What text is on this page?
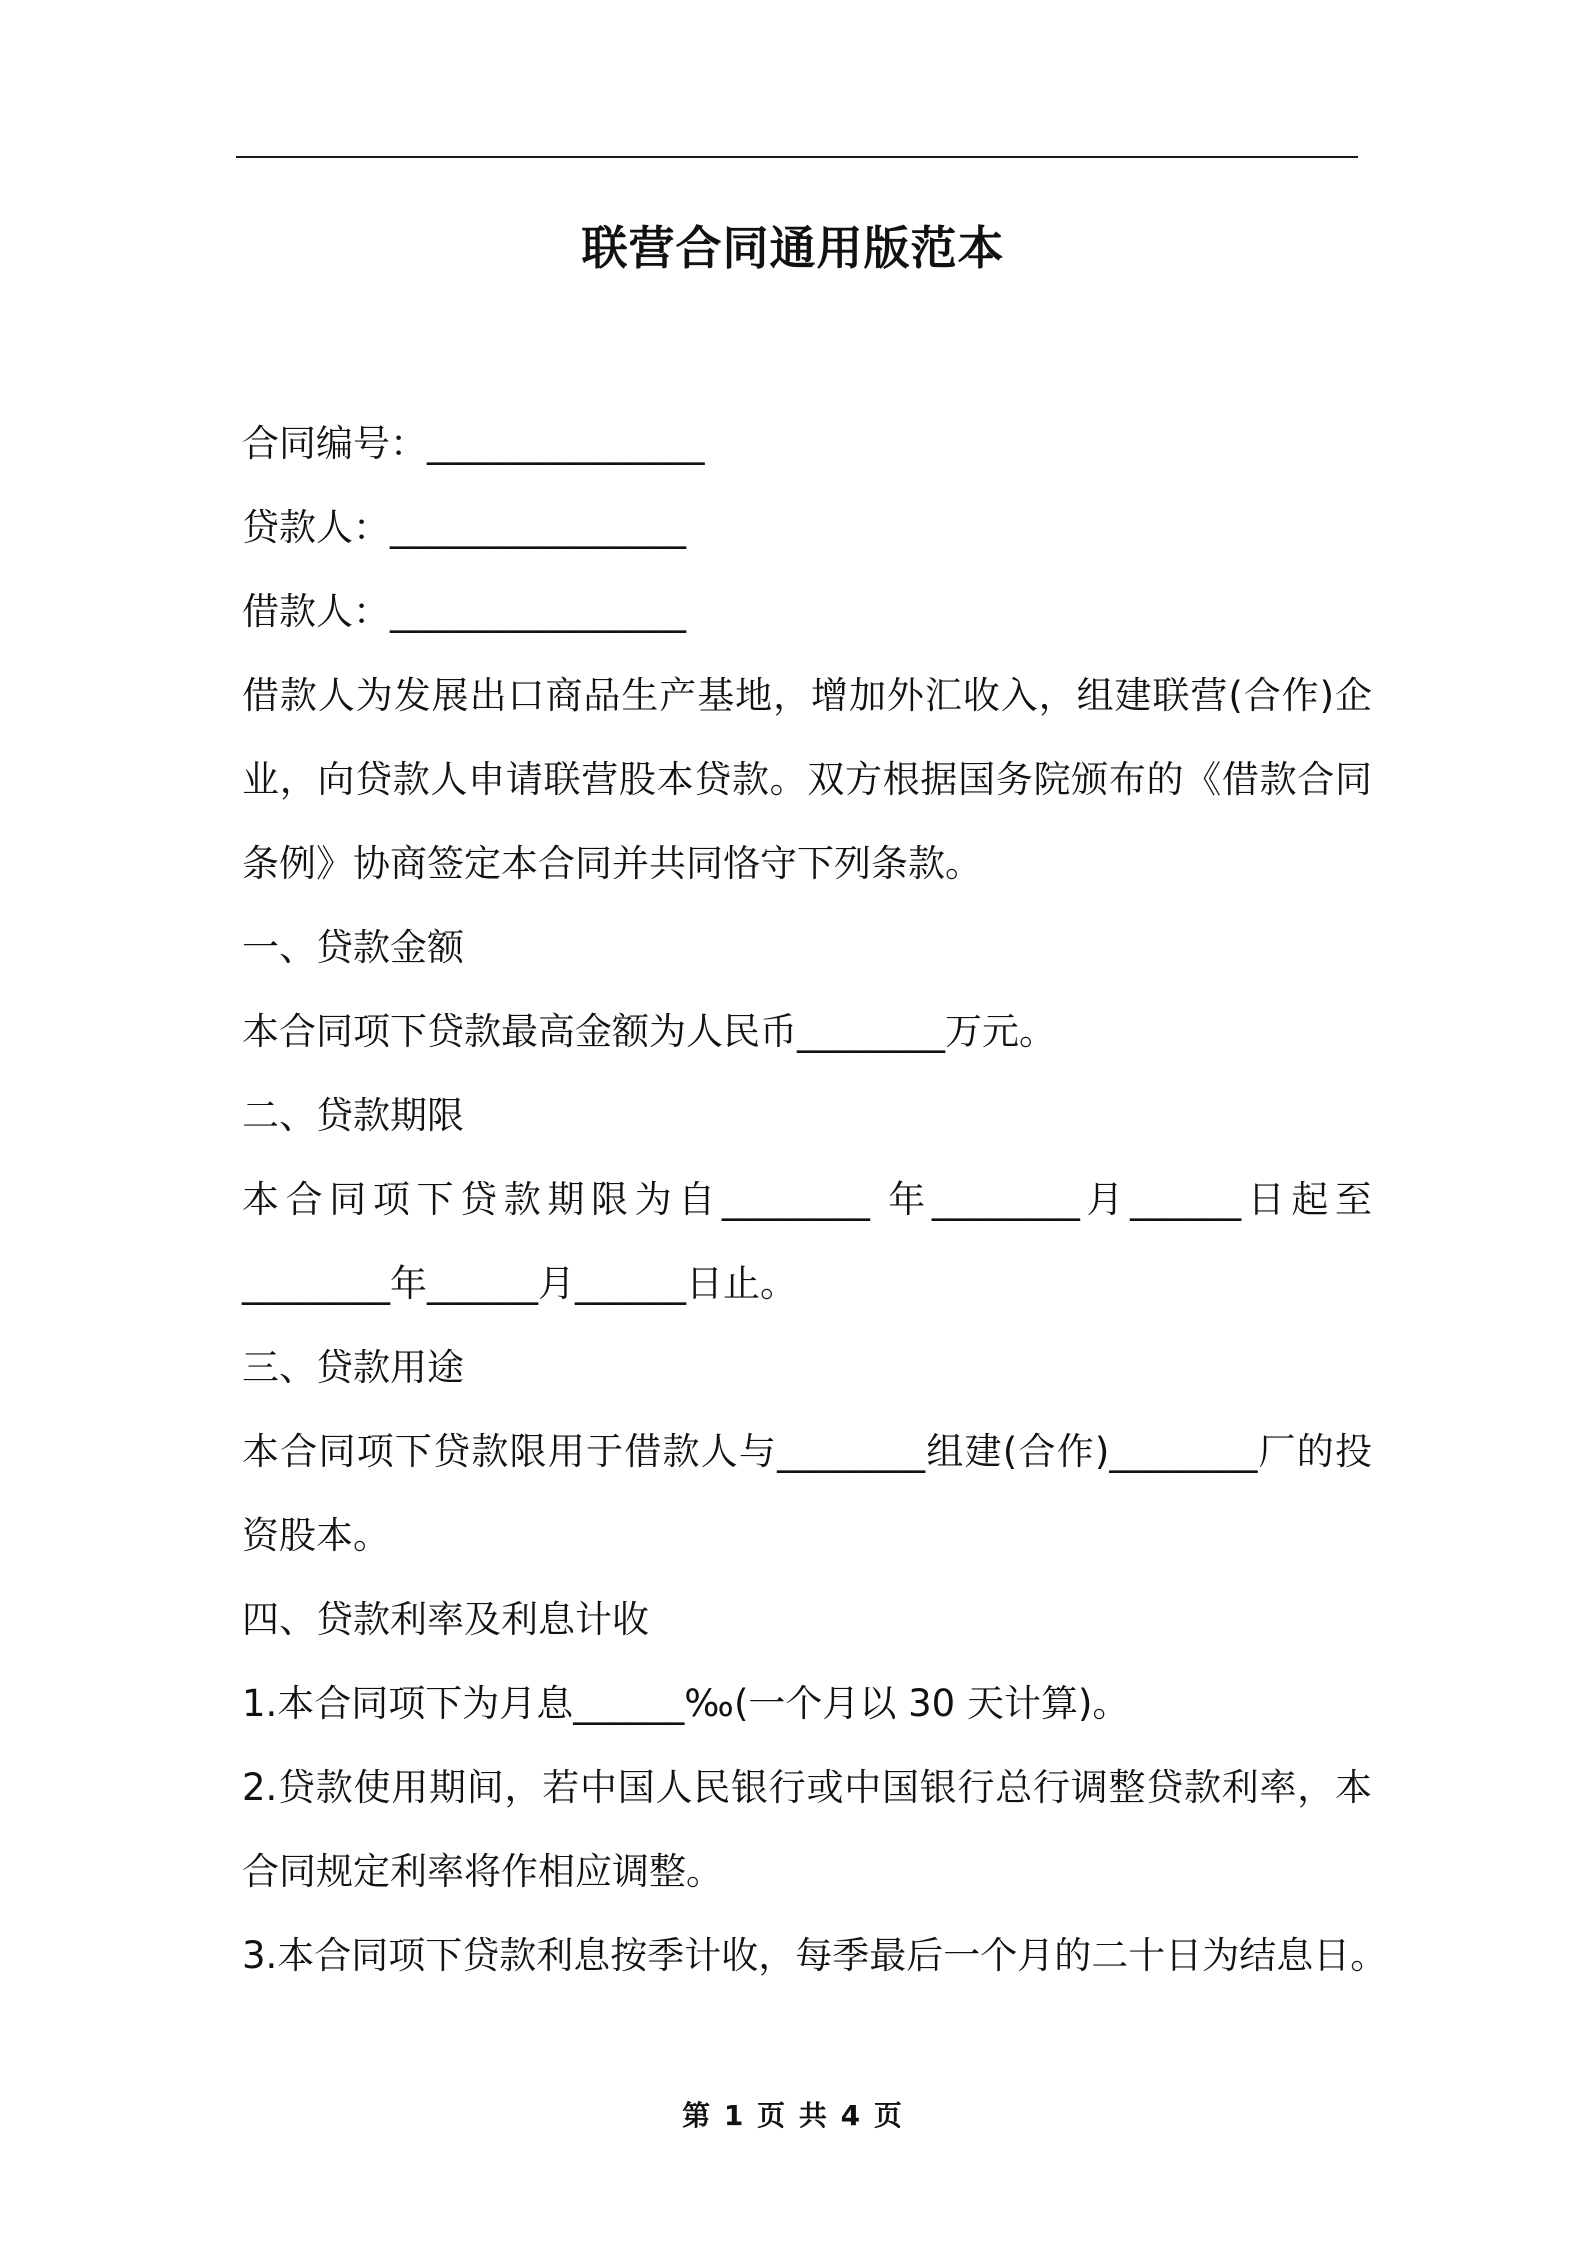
联营合同通用版范本
合同编号：_______________
贷款人：________________
借款人：________________
借款人为发展出口商品生产基地，增加外汇收入，组建联营(合作)企业，向贷款人申请联营股本贷款。双方根据国务院颁布的《借款合同条例》协商签定本合同并共同恪守下列条款。
一、贷款金额
本合同项下贷款最高金额为人民币________万元。
二、贷款期限
本合同项下贷款期限为自________ 年________月______日起至________年______月______日止。
三、贷款用途
本合同项下贷款限用于借款人与________组建(合作)________厂的投资股本。
四、贷款利率及利息计收
1.本合同项下为月息______‰(一个月以 30 天计算)。
2.贷款使用期间，若中国人民银行或中国银行总行调整贷款利率，本合同规定利率将作相应调整。
3.本合同项下贷款利息按季计收，每季最后一个月的二十日为结息日。
第 1 页 共 4 页
